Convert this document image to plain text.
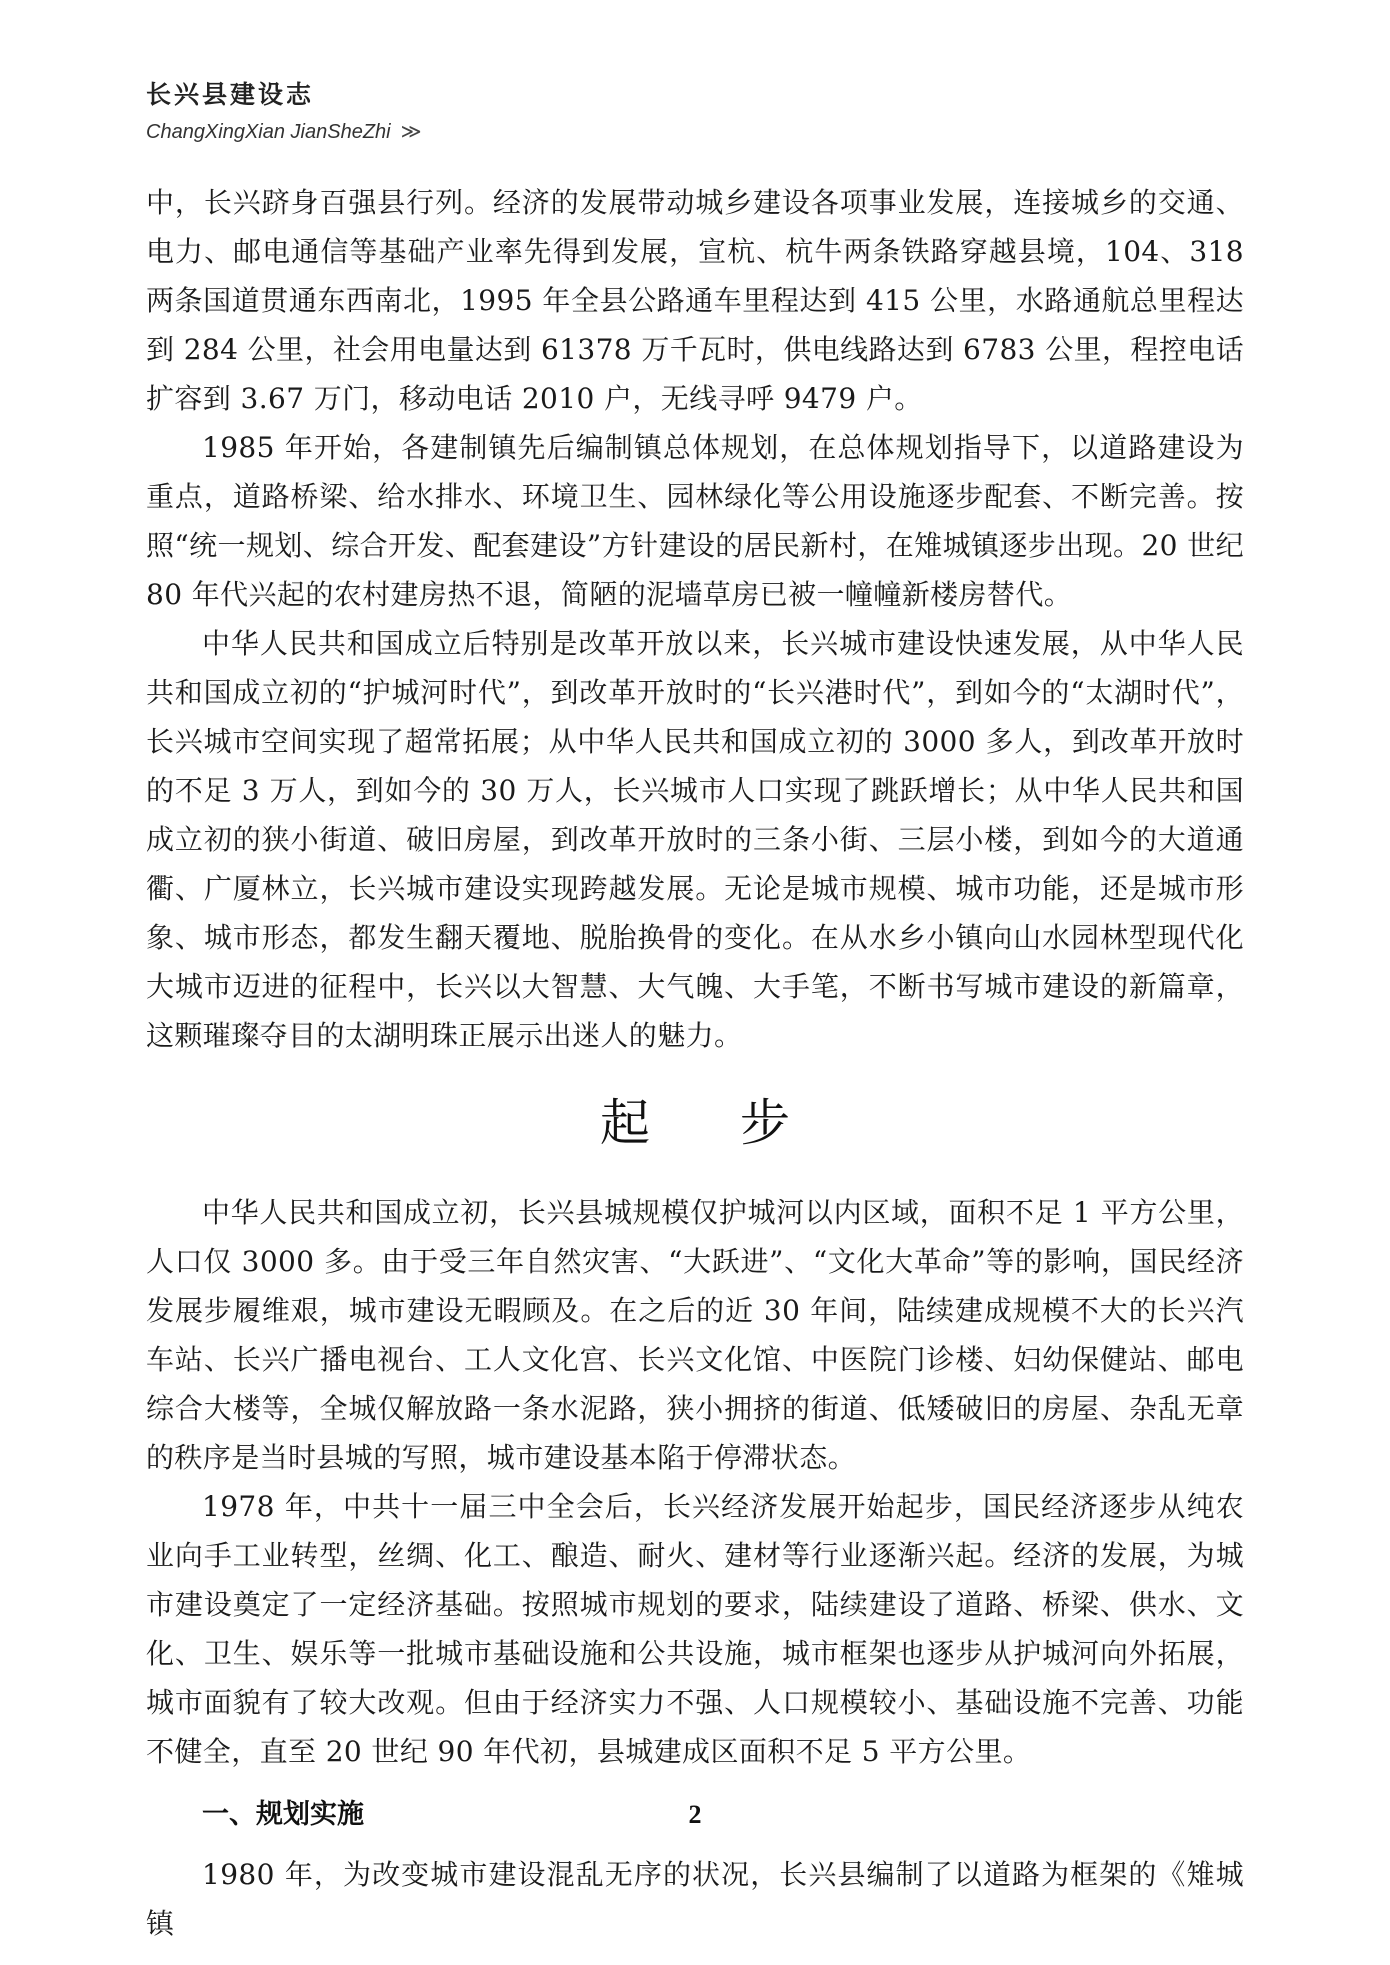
长兴县建设志
ChangXingXian JianSheZhi ≫

中，长兴跻身百强县行列。经济的发展带动城乡建设各项事业发展，连接城乡的交通、电力、邮电通信等基础产业率先得到发展，宣杭、杭牛两条铁路穿越县境，104、318 两条国道贯通东西南北，1995 年全县公路通车里程达到 415 公里，水路通航总里程达到 284 公里，社会用电量达到 61378 万千瓦时，供电线路达到 6783 公里，程控电话扩容到 3.67 万门，移动电话 2010 户，无线寻呼 9479 户。

1985 年开始，各建制镇先后编制镇总体规划，在总体规划指导下，以道路建设为重点，道路桥梁、给水排水、环境卫生、园林绿化等公用设施逐步配套、不断完善。按照“统一规划、综合开发、配套建设”方针建设的居民新村，在雉城镇逐步出现。20 世纪 80 年代兴起的农村建房热不退，简陋的泥墙草房已被一幢幢新楼房替代。

中华人民共和国成立后特别是改革开放以来，长兴城市建设快速发展，从中华人民共和国成立初的“护城河时代”，到改革开放时的“长兴港时代”，到如今的“太湖时代”，长兴城市空间实现了超常拓展；从中华人民共和国成立初的 3000 多人，到改革开放时的不足 3 万人，到如今的 30 万人，长兴城市人口实现了跳跃增长；从中华人民共和国成立初的狭小街道、破旧房屋，到改革开放时的三条小街、三层小楼，到如今的大道通衢、广厦林立，长兴城市建设实现跨越发展。无论是城市规模、城市功能，还是城市形象、城市形态，都发生翻天覆地、脱胎换骨的变化。在从水乡小镇向山水园林型现代化大城市迈进的征程中，长兴以大智慧、大气魄、大手笔，不断书写城市建设的新篇章，这颗璀璨夺目的太湖明珠正展示出迷人的魅力。

起步

中华人民共和国成立初，长兴县城规模仅护城河以内区域，面积不足 1 平方公里，人口仅 3000 多。由于受三年自然灾害、“大跃进”、“文化大革命”等的影响，国民经济发展步履维艰，城市建设无暇顾及。在之后的近 30 年间，陆续建成规模不大的长兴汽车站、长兴广播电视台、工人文化宫、长兴文化馆、中医院门诊楼、妇幼保健站、邮电综合大楼等，全城仅解放路一条水泥路，狭小拥挤的街道、低矮破旧的房屋、杂乱无章的秩序是当时县城的写照，城市建设基本陷于停滞状态。

1978 年，中共十一届三中全会后，长兴经济发展开始起步，国民经济逐步从纯农业向手工业转型，丝绸、化工、酿造、耐火、建材等行业逐渐兴起。经济的发展，为城市建设奠定了一定经济基础。按照城市规划的要求，陆续建设了道路、桥梁、供水、文化、卫生、娱乐等一批城市基础设施和公共设施，城市框架也逐步从护城河向外拓展，城市面貌有了较大改观。但由于经济实力不强、人口规模较小、基础设施不完善、功能不健全，直至 20 世纪 90 年代初，县城建成区面积不足 5 平方公里。

一、规划实施

1980 年，为改变城市建设混乱无序的状况，长兴县编制了以道路为框架的《雉城镇

2
